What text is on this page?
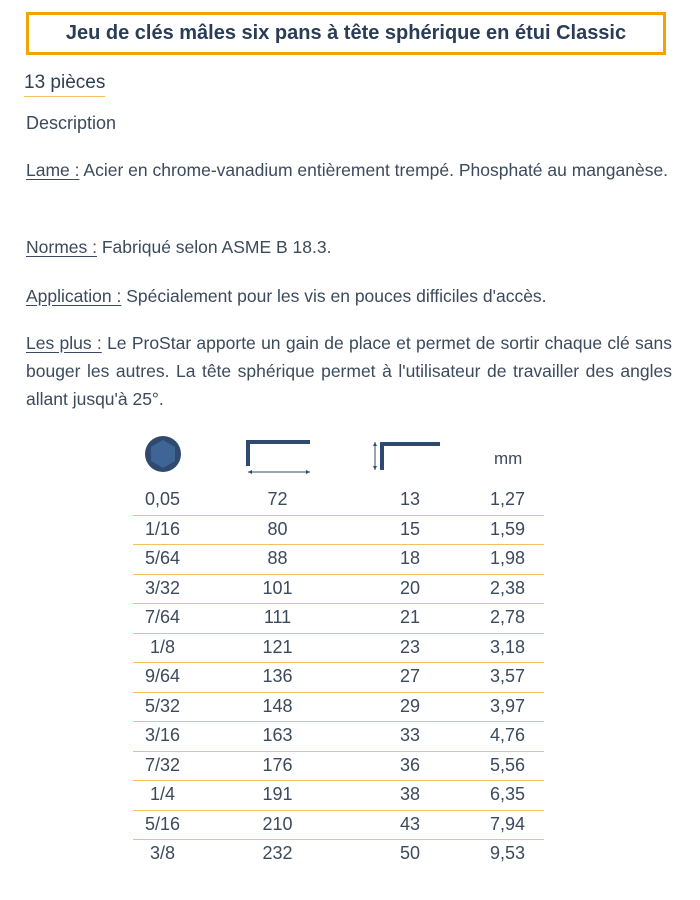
Jeu de clés mâles six pans à tête sphérique en étui Classic
13 pièces
Description
Lame : Acier en chrome-vanadium entièrement trempé. Phosphaté au manganèse.
Normes : Fabriqué selon ASME B 18.3.
Application : Spécialement pour les vis en pouces difficiles d'accès.
Les plus : Le ProStar apporte un gain de place et permet de sortir chaque clé sans bouger les autres. La tête sphérique permet à l'utilisateur de travailler des angles allant jusqu'à 25°.
mm
0,05	72	13	1,27
1/16	80	15	1,59
5/64	88	18	1,98
3/32	101	20	2,38
7/64	111	21	2,78
1/8	121	23	3,18
9/64	136	27	3,57
5/32	148	29	3,97
3/16	163	33	4,76
7/32	176	36	5,56
1/4	191	38	6,35
5/16	210	43	7,94
3/8	232	50	9,53
